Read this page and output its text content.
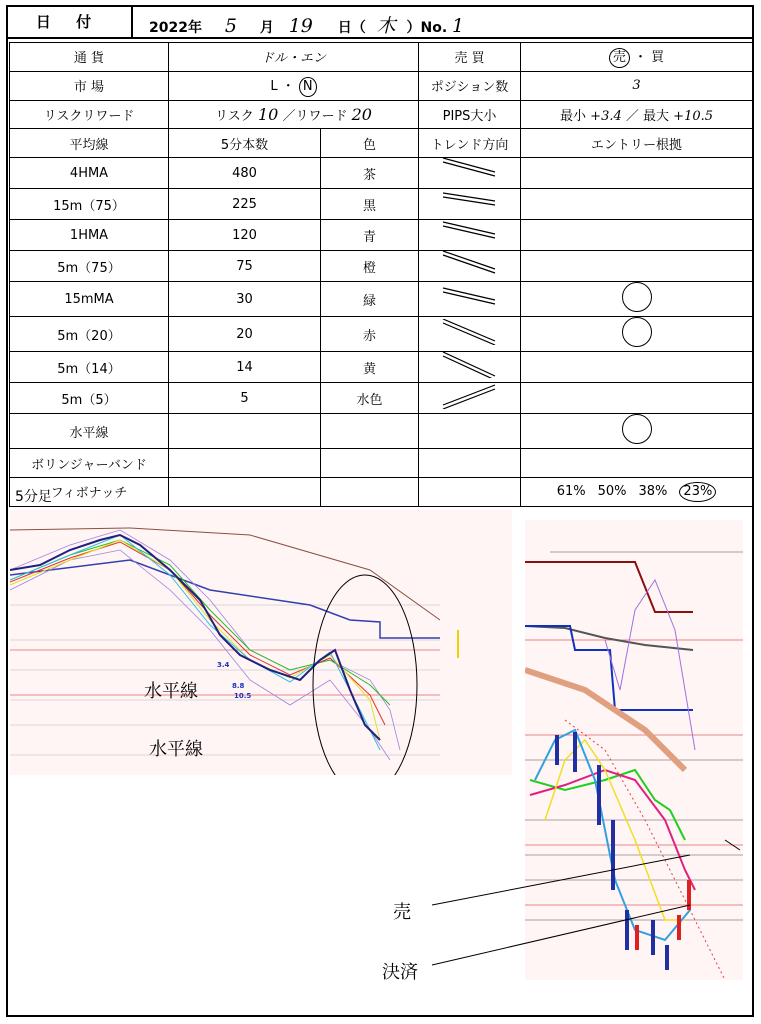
日 付	2022年 5 月 19 日（ 木 ）No. 1
通 貨	ドル・エン		売 買	売 ・ 買
市 場	L ・ N		ポジション数	3
リスクリワード	リスク 10 ／リワード 20		PIPS大小	最小 +3.4 ／ 最大 +10.5
平均線	5分本数	色	トレンド方向	エントリー根拠
4HMA	480	茶		
15m（75）	225	黒		
1HMA	120	青		
5m（75）	75	橙		
15mMA	30	緑		
5m（20）	20	赤		
5m（14）	14	黄		
5m（5）	5	水色		
水平線				
ボリンジャーバンド				
フィボナッチ				61% 50% 38% 23%
5分足
3.4
8.8
10.5
水平線
水平線
売
決済
